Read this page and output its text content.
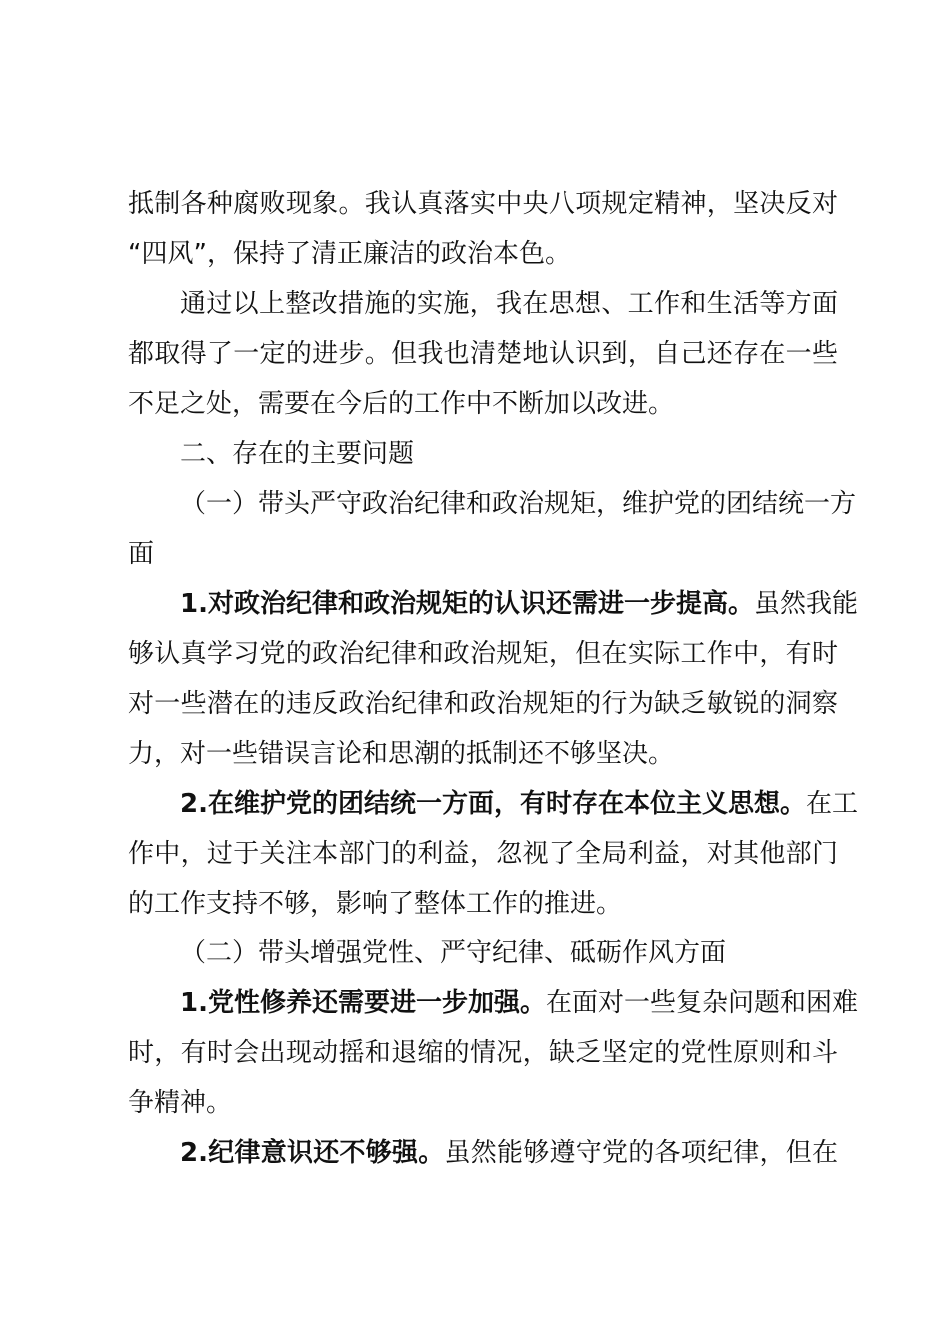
抵制各种腐败现象。我认真落实中央八项规定精神，坚决反对
“四风”，保持了清正廉洁的政治本色。
通过以上整改措施的实施，我在思想、工作和生活等方面
都取得了一定的进步。但我也清楚地认识到，自己还存在一些
不足之处，需要在今后的工作中不断加以改进。
二、存在的主要问题
（一）带头严守政治纪律和政治规矩，维护党的团结统一方
面
1.对政治纪律和政治规矩的认识还需进一步提高。虽然我能
够认真学习党的政治纪律和政治规矩，但在实际工作中，有时
对一些潜在的违反政治纪律和政治规矩的行为缺乏敏锐的洞察
力，对一些错误言论和思潮的抵制还不够坚决。
2.在维护党的团结统一方面，有时存在本位主义思想。在工
作中，过于关注本部门的利益，忽视了全局利益，对其他部门
的工作支持不够，影响了整体工作的推进。
（二）带头增强党性、严守纪律、砥砺作风方面
1.党性修养还需要进一步加强。在面对一些复杂问题和困难
时，有时会出现动摇和退缩的情况，缺乏坚定的党性原则和斗
争精神。
2.纪律意识还不够强。虽然能够遵守党的各项纪律，但在
